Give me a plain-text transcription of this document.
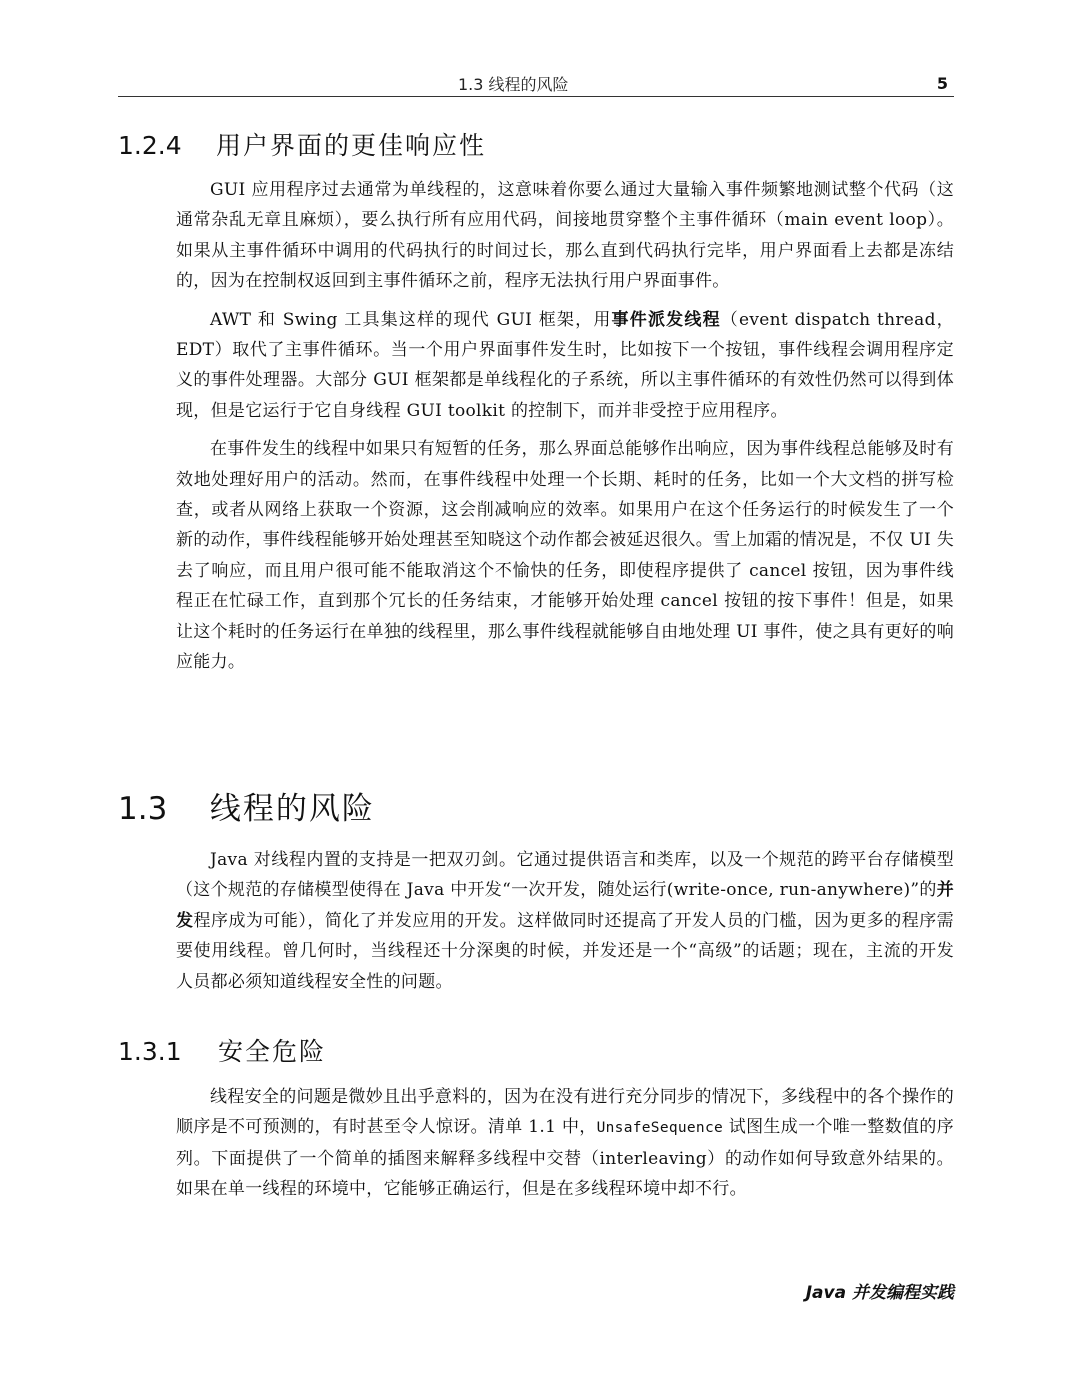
1.3 线程的风险	5
1.2.4 用户界面的更佳响应性

GUI 应用程序过去通常为单线程的，这意味着你要么通过大量输入事件频繁地测试整个代码（这通常杂乱无章且麻烦），要么执行所有应用代码，间接地贯穿整个主事件循环（main event loop）。如果从主事件循环中调用的代码执行的时间过长，那么直到代码执行完毕，用户界面看上去都是冻结的，因为在控制权返回到主事件循环之前，程序无法执行用户界面事件。

AWT 和 Swing 工具集这样的现代 GUI 框架，用事件派发线程（event dispatch thread，EDT）取代了主事件循环。当一个用户界面事件发生时，比如按下一个按钮，事件线程会调用程序定义的事件处理器。大部分 GUI 框架都是单线程化的子系统，所以主事件循环的有效性仍然可以得到体现，但是它运行于它自身线程 GUI toolkit 的控制下，而并非受控于应用程序。

在事件发生的线程中如果只有短暂的任务，那么界面总能够作出响应，因为事件线程总能够及时有效地处理好用户的活动。然而，在事件线程中处理一个长期、耗时的任务，比如一个大文档的拼写检查，或者从网络上获取一个资源，这会削减响应的效率。如果用户在这个任务运行的时候发生了一个新的动作，事件线程能够开始处理甚至知晓这个动作都会被延迟很久。雪上加霜的情况是，不仅 UI 失去了响应，而且用户很可能不能取消这个不愉快的任务，即使程序提供了 cancel 按钮，因为事件线程正在忙碌工作，直到那个冗长的任务结束，才能够开始处理 cancel 按钮的按下事件！但是，如果让这个耗时的任务运行在单独的线程里，那么事件线程就能够自由地处理 UI 事件，使之具有更好的响应能力。

1.3 线程的风险

Java 对线程内置的支持是一把双刃剑。它通过提供语言和类库，以及一个规范的跨平台存储模型（这个规范的存储模型使得在 Java 中开发“一次开发，随处运行(write-once, run-anywhere)”的并发程序成为可能），简化了并发应用的开发。这样做同时还提高了开发人员的门槛，因为更多的程序需要使用线程。曾几何时，当线程还十分深奥的时候，并发还是一个“高级”的话题；现在，主流的开发人员都必须知道线程安全性的问题。

1.3.1 安全危险

线程安全的问题是微妙且出乎意料的，因为在没有进行充分同步的情况下，多线程中的各个操作的顺序是不可预测的，有时甚至令人惊讶。清单 1.1 中，UnsafeSequence 试图生成一个唯一整数值的序列。下面提供了一个简单的插图来解释多线程中交替（interleaving）的动作如何导致意外结果的。如果在单一线程的环境中，它能够正确运行，但是在多线程环境中却不行。

Java 并发编程实践
